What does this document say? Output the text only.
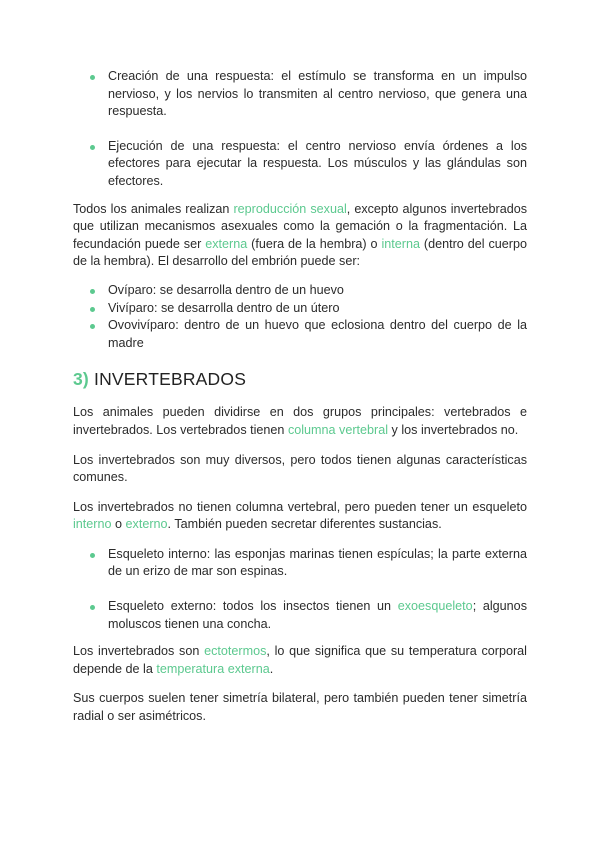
Creación de una respuesta: el estímulo se transforma en un impulso nervioso, y los nervios lo transmiten al centro nervioso, que genera una respuesta.
Ejecución de una respuesta: el centro nervioso envía órdenes a los efectores para ejecutar la respuesta. Los músculos y las glándulas son efectores.

Todos los animales realizan reproducción sexual, excepto algunos invertebrados que utilizan mecanismos asexuales como la gemación o la fragmentación. La fecundación puede ser externa (fuera de la hembra) o interna (dentro del cuerpo de la hembra). El desarrollo del embrión puede ser:

Ovíparo: se desarrolla dentro de un huevo
Vivíparo: se desarrolla dentro de un útero
Ovovivíparo: dentro de un huevo que eclosiona dentro del cuerpo de la madre
3) INVERTEBRADOS

Los animales pueden dividirse en dos grupos principales: vertebrados e invertebrados. Los vertebrados tienen columna vertebral y los invertebrados no.

Los invertebrados son muy diversos, pero todos tienen algunas características comunes.

Los invertebrados no tienen columna vertebral, pero pueden tener un esqueleto interno o externo. También pueden secretar diferentes sustancias.

Esqueleto interno: las esponjas marinas tienen espículas; la parte externa de un erizo de mar son espinas.
Esqueleto externo: todos los insectos tienen un exoesqueleto; algunos moluscos tienen una concha.

Los invertebrados son ectotermos, lo que significa que su temperatura corporal depende de la temperatura externa.

Sus cuerpos suelen tener simetría bilateral, pero también pueden tener simetría radial o ser asimétricos.
